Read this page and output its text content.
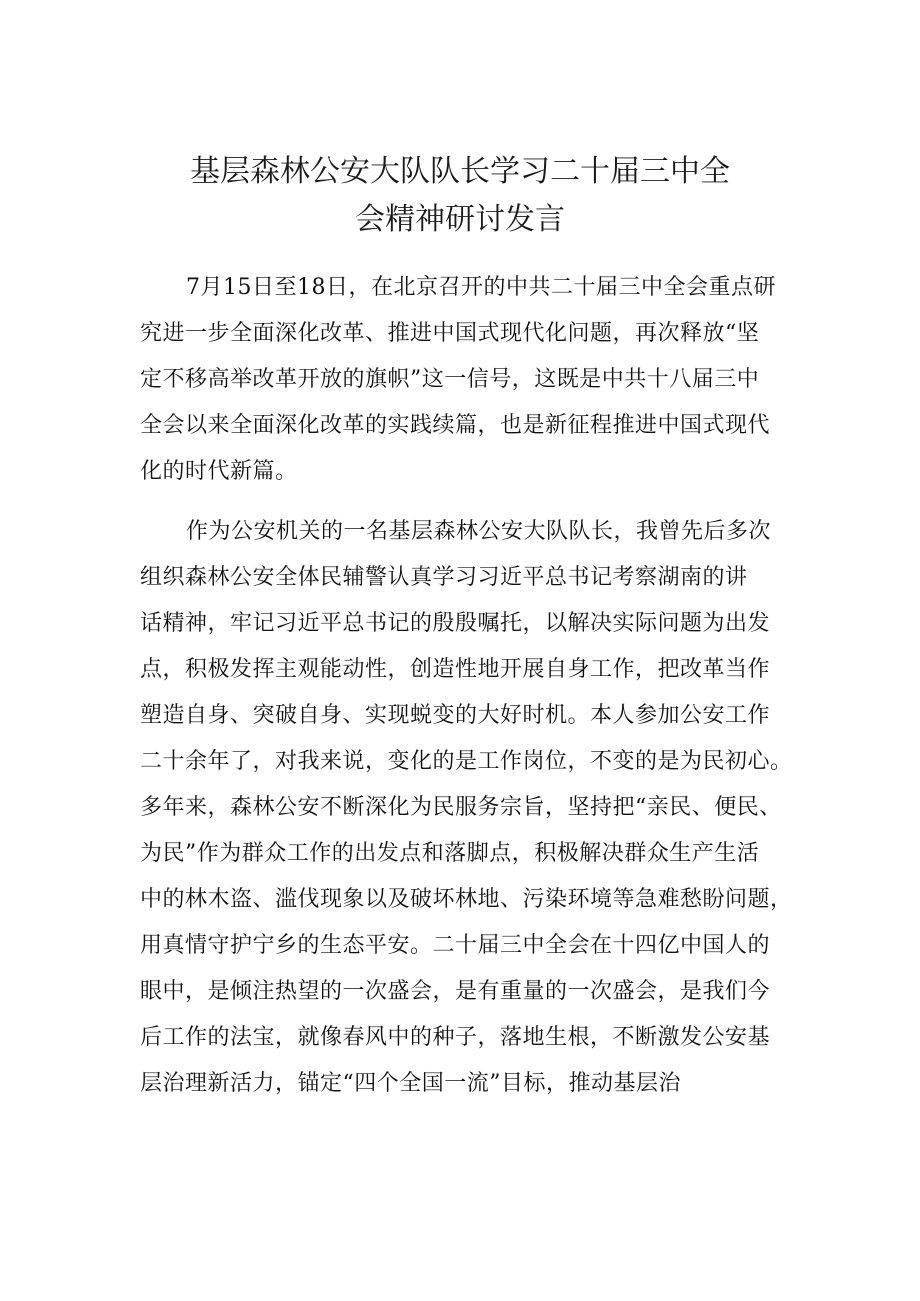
基层森林公安大队队长学习二十届三中全
会精神研讨发言
7月15日至18日，在北京召开的中共二十届三中全会重点研
究进一步全面深化改革、推进中国式现代化问题，再次释放“坚
定不移高举改革开放的旗帜”这一信号，这既是中共十八届三中
全会以来全面深化改革的实践续篇，也是新征程推进中国式现代
化的时代新篇。
作为公安机关的一名基层森林公安大队队长，我曾先后多次
组织森林公安全体民辅警认真学习习近平总书记考察湖南的讲
话精神，牢记习近平总书记的殷殷嘱托，以解决实际问题为出发
点，积极发挥主观能动性，创造性地开展自身工作，把改革当作
塑造自身、突破自身、实现蜕变的大好时机。本人参加公安工作
二十余年了，对我来说，变化的是工作岗位，不变的是为民初心。
多年来，森林公安不断深化为民服务宗旨，坚持把“亲民、便民、
为民”作为群众工作的出发点和落脚点，积极解决群众生产生活
中的林木盗、滥伐现象以及破坏林地、污染环境等急难愁盼问题，
用真情守护宁乡的生态平安。二十届三中全会在十四亿中国人的
眼中，是倾注热望的一次盛会，是有重量的一次盛会，是我们今
后工作的法宝，就像春风中的种子，落地生根，不断激发公安基
层治理新活力，锚定“四个全国一流”目标，推动基层治
